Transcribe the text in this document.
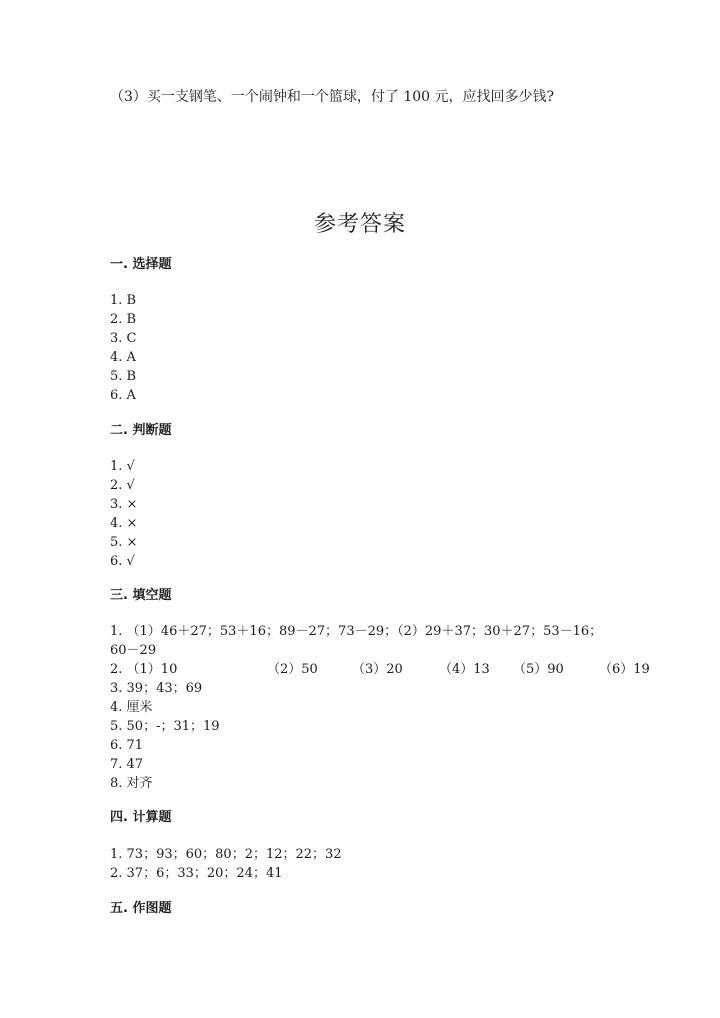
（3）买一支钢笔、一个闹钟和一个篮球，付了 100 元，应找回多少钱?
参考答案
一. 选择题
1. B
2. B
3. C
4. A
5. B
6. A
二. 判断题
1. √
2. √
3. ×
4. ×
5. ×
6. √
三. 填空题
1. （1）46＋27；53＋16；89－27；73－29；（2）29＋37；30＋27；53－16；60－29
2. （1）10	（2）50	（3）20	（4）13	（5）90	（6）19
3. 39；43；69
4. 厘米
5. 50；-；31；19
6. 71
7. 47
8. 对齐
四. 计算题
1. 73；93；60；80；2；12；22；32
2. 37；6；33；20；24；41
五. 作图题
